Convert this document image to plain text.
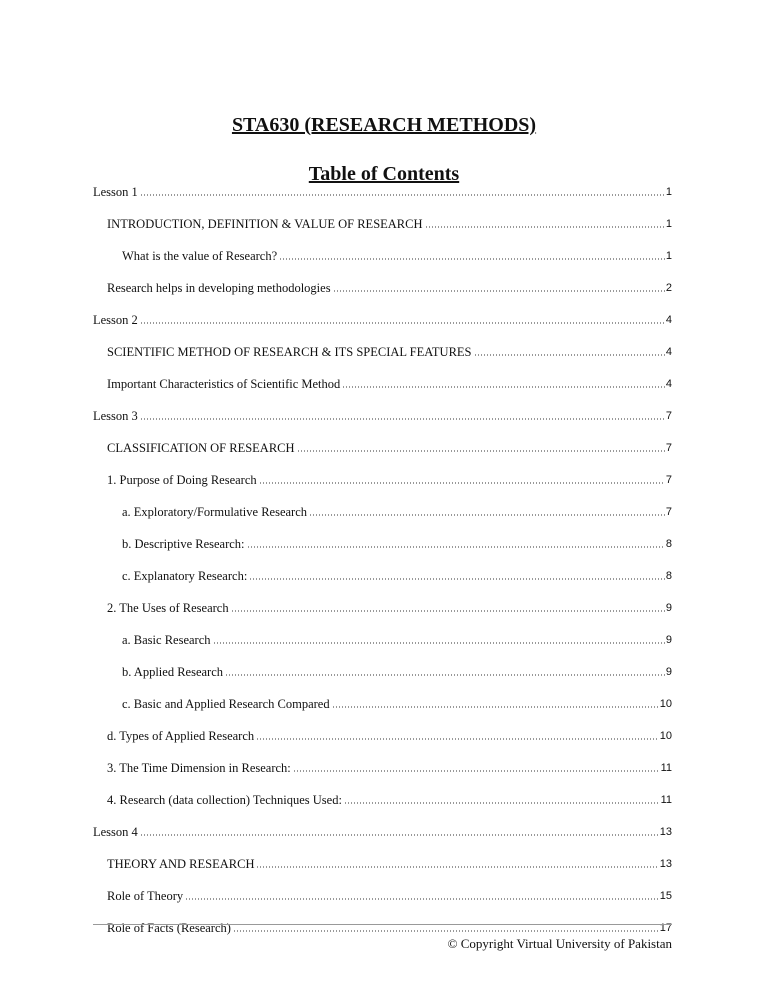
STA630 (RESEARCH METHODS)
Table of Contents
Lesson 1	1
INTRODUCTION, DEFINITION & VALUE OF RESEARCH	1
What is the value of Research?	1
Research helps in developing methodologies	2
Lesson 2	4
SCIENTIFIC METHOD OF RESEARCH & ITS SPECIAL FEATURES	4
Important Characteristics of Scientific Method	4
Lesson 3	7
CLASSIFICATION OF RESEARCH	7
1. Purpose of Doing Research	7
a. Exploratory/Formulative Research	7
b. Descriptive Research:	8
c. Explanatory Research:	8
2. The Uses of Research	9
a. Basic Research	9
b. Applied Research	9
c. Basic and Applied Research Compared	10
d. Types of Applied Research	10
3. The Time Dimension in Research:	11
4. Research (data collection) Techniques Used:	11
Lesson 4	13
THEORY AND RESEARCH	13
Role of Theory	15
Role of Facts (Research)	17
© Copyright Virtual University of Pakistan
